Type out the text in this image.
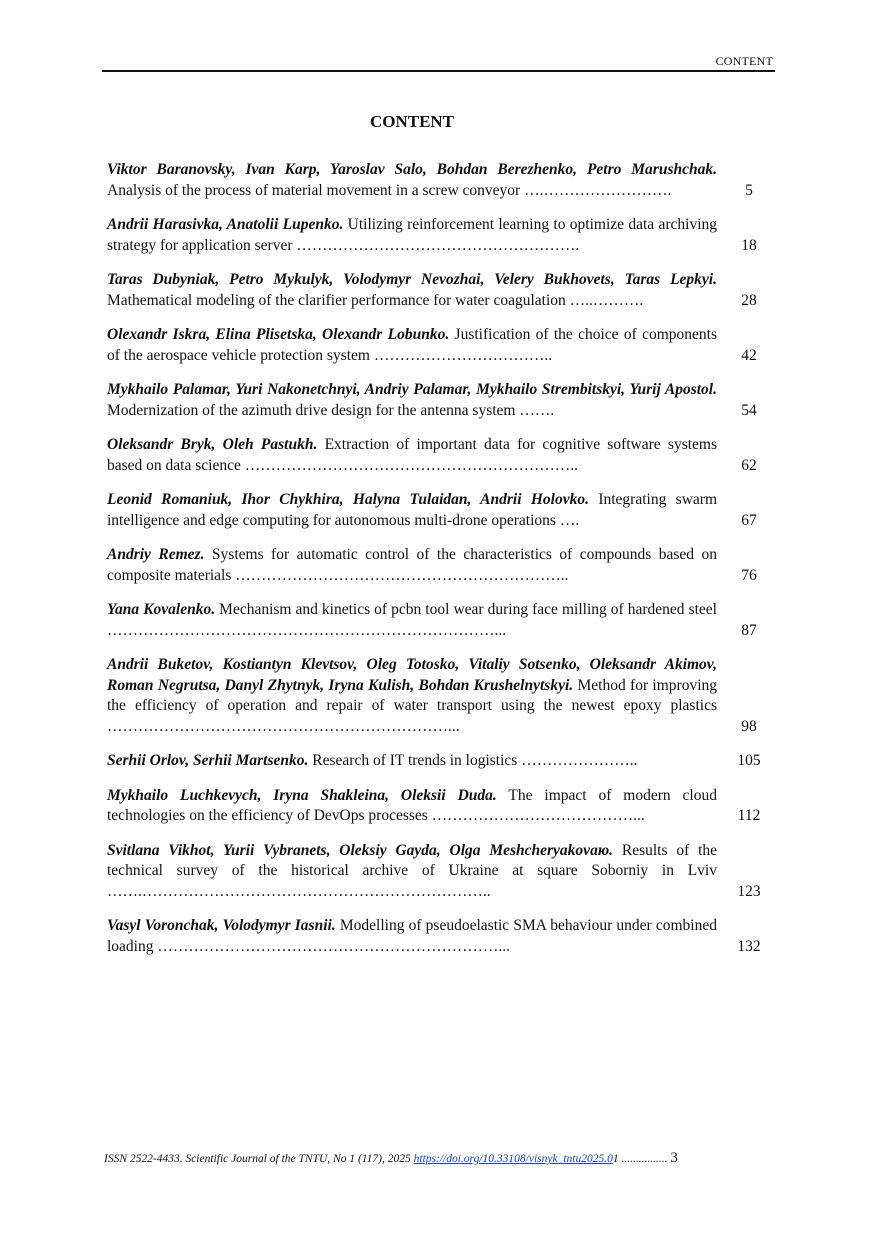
CONTENT
CONTENT
Viktor Baranovsky, Ivan Karp, Yaroslav Salo, Bohdan Berezhenko, Petro Marushchak. Analysis of the process of material movement in a screw conveyor ….…………………….	5
Andrii Harasivka, Anatolii Lupenko. Utilizing reinforcement learning to optimize data archiving strategy for application server ……………………………………………….	18
Taras Dubyniak, Petro Mykulyk, Volodymyr Nevozhai, Velery Bukhovets, Taras Lepkyi. Mathematical modeling of the clarifier performance for water coagulation …..……….	28
Olexandr Iskra, Elina Plisetska, Olexandr Lobunko. Justification of the choice of components of the aerospace vehicle protection system ……………………………..	42
Mykhailo Palamar, Yuri Nakonetchnyi, Andriy Palamar, Mykhailo Strembitskyi, Yurij Apostol. Modernization of the azimuth drive design for the antenna system …….	54
Oleksandr Bryk, Oleh Pastukh. Extraction of important data for cognitive software systems based on data science ………………………………………………………..	62
Leonid Romaniuk, Ihor Chykhira, Halyna Tulaidan, Andrii Holovko. Integrating swarm intelligence and edge computing for autonomous multi-drone operations ….	67
Andriy Remez. Systems for automatic control of the characteristics of compounds based on composite materials ………………………………………………………..	76
Yana Kovalenko. Mechanism and kinetics of pcbn tool wear during face milling of hardened steel …………………………………………………………………...	87
Andrii Buketov, Kostiantyn Klevtsov, Oleg Totosko, Vitaliy Sotsenko, Oleksandr Akimov, Roman Negrutsa, Danyl Zhytnyk, Iryna Kulish, Bohdan Krushelnytskyi. Method for improving the efficiency of operation and repair of water transport using the newest epoxy plastics …………………………………………………………...	98
Serhii Orlov, Serhii Martsenko. Research of IT trends in logistics …………………..	105
Mykhailo Luchkevych, Iryna Shakleina, Oleksii Duda. The impact of modern cloud technologies on the efficiency of DevOps processes …………………………………...	112
Svitlana Vikhot, Yurii Vybranets, Oleksiy Gayda, Olga Meshcheryakovaю. Results of the technical survey of the historical archive of Ukraine at square Soborniy in Lviv …….…………………………………………………………..	123
Vasyl Voronchak, Volodymyr Iasnii. Modelling of pseudoelastic SMA behaviour under combined loading …………………………………………………………...	132
ISSN 2522-4433. Scientific Journal of the TNTU, No 1 (117), 2025 https://doi.org/10.33108/visnyk_tntu2025.01 ................ 3
